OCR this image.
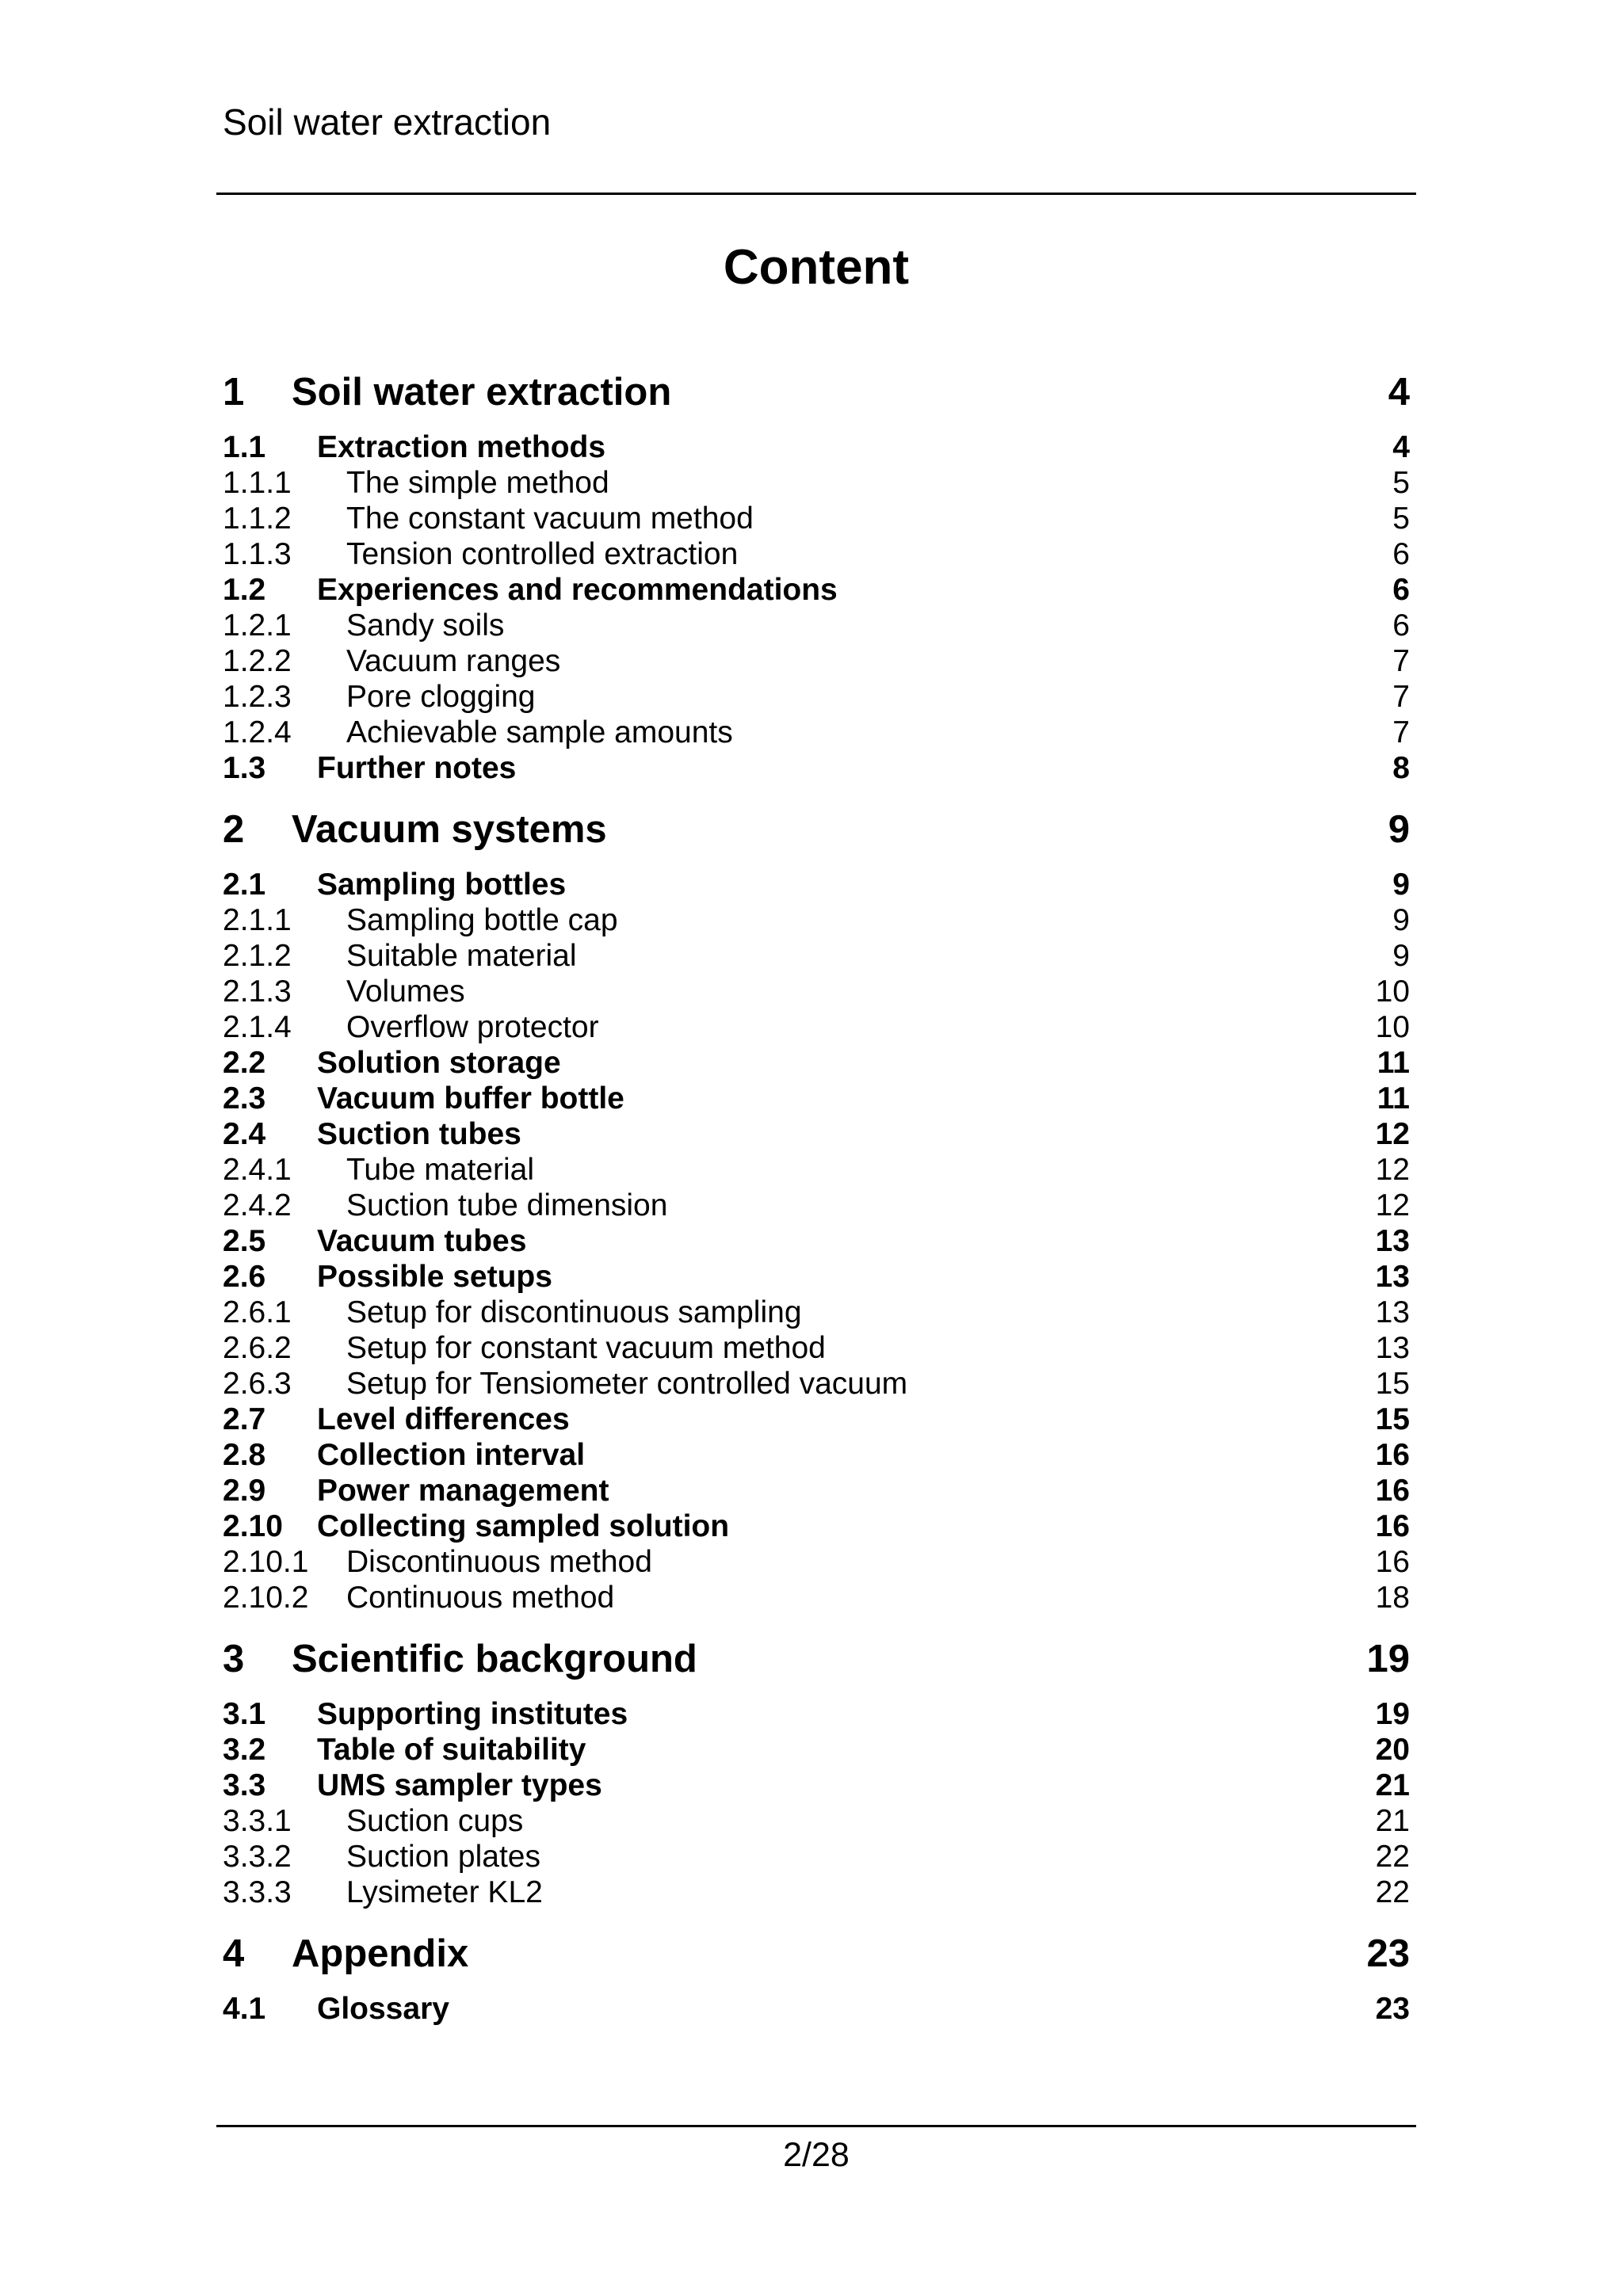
Soil water extraction
Content
1 Soil water extraction	4
1.1 Extraction methods	4
1.1.1 The simple method	5
1.1.2 The constant vacuum method	5
1.1.3 Tension controlled extraction	6
1.2 Experiences and recommendations	6
1.2.1 Sandy soils	6
1.2.2 Vacuum ranges	7
1.2.3 Pore clogging	7
1.2.4 Achievable sample amounts	7
1.3 Further notes	8
2 Vacuum systems	9
2.1 Sampling bottles	9
2.1.1 Sampling bottle cap	9
2.1.2 Suitable material	9
2.1.3 Volumes	10
2.1.4 Overflow protector	10
2.2 Solution storage	11
2.3 Vacuum buffer bottle	11
2.4 Suction tubes	12
2.4.1 Tube material	12
2.4.2 Suction tube dimension	12
2.5 Vacuum tubes	13
2.6 Possible setups	13
2.6.1 Setup for discontinuous sampling	13
2.6.2 Setup for constant vacuum method	13
2.6.3 Setup for Tensiometer controlled vacuum	15
2.7 Level differences	15
2.8 Collection interval	16
2.9 Power management	16
2.10 Collecting sampled solution	16
2.10.1 Discontinuous method	16
2.10.2 Continuous method	18
3 Scientific background	19
3.1 Supporting institutes	19
3.2 Table of suitability	20
3.3 UMS sampler types	21
3.3.1 Suction cups	21
3.3.2 Suction plates	22
3.3.3 Lysimeter KL2	22
4 Appendix	23
4.1 Glossary	23
2/28
